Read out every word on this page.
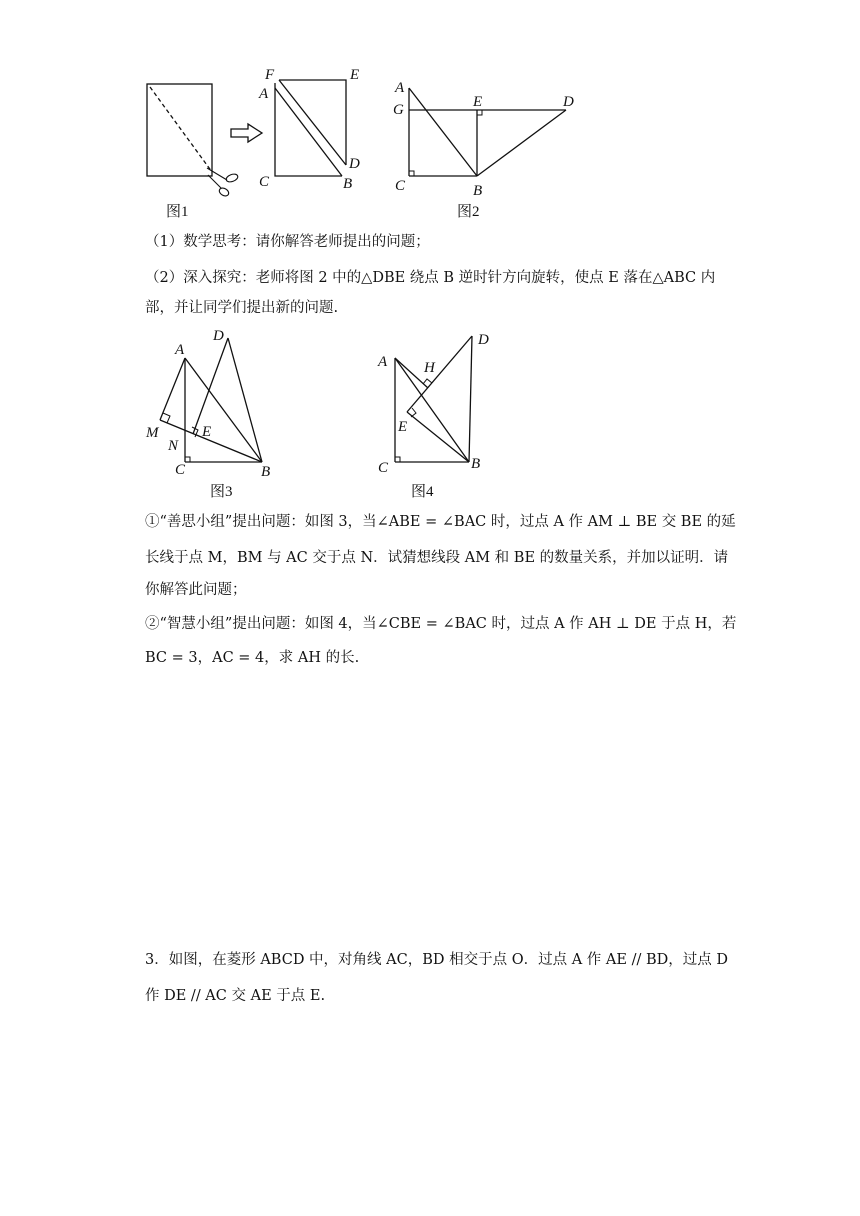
图1
F
A
E
D
C	B
A
G	E	D
C	B
图2
（1）数学思考：请你解答老师提出的问题；
（2）深入探究：老师将图 2 中的△DBE 绕点 B 逆时针方向旋转，使点 E 落在△ABC 内
部，并让同学们提出新的问题.
D
A
M
N
E
C	B
图3
A H
D
E
C	B
图4
①“善思小组”提出问题：如图 3，当∠ABE = ∠BAC 时，过点 A 作 AM ⊥ BE 交 BE 的延
长线于点 M，BM 与 AC 交于点 N．试猜想线段 AM 和 BE 的数量关系，并加以证明．请
你解答此问题；
②“智慧小组”提出问题：如图 4，当∠CBE = ∠BAC 时，过点 A 作 AH ⊥ DE 于点 H，若
BC = 3，AC = 4，求 AH 的长.
3．如图，在菱形 ABCD 中，对角线 AC，BD 相交于点 O．过点 A 作 AE // BD，过点 D
作 DE // AC 交 AE 于点 E.
